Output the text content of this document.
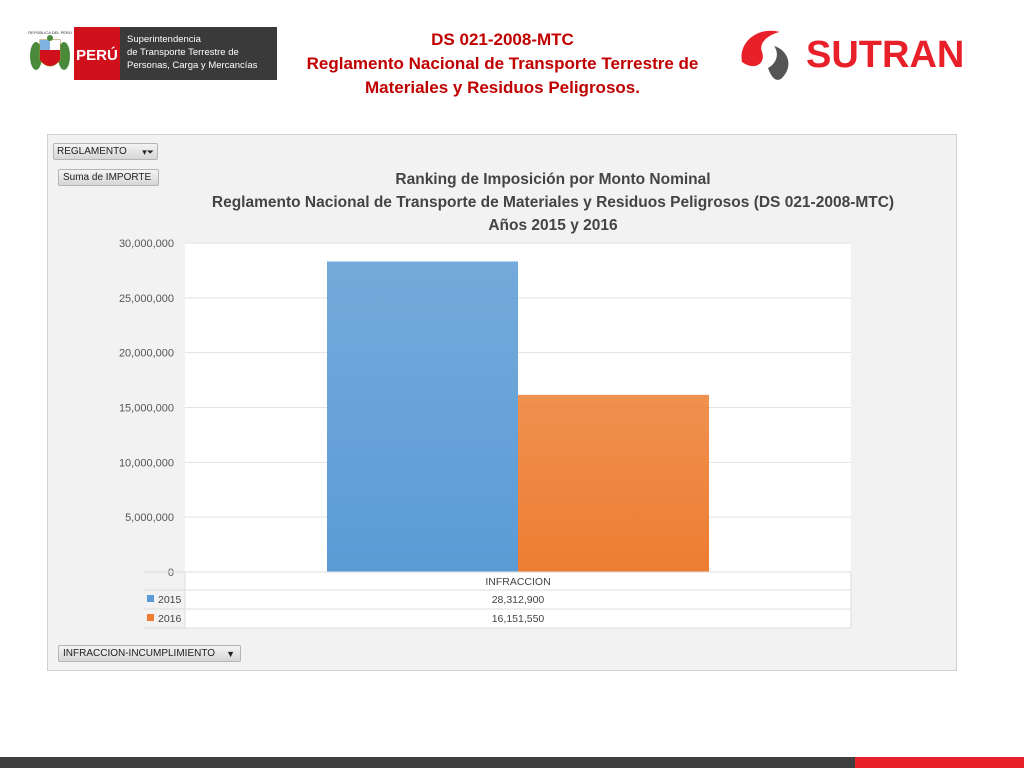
REPÚBLICA DEL PERÚ
PERÚ
Superintendencia
de Transporte Terrestre de
Personas, Carga y Mercancías
DS 021-2008-MTC
Reglamento Nacional de Transporte Terrestre de
Materiales y Residuos Peligrosos.
SUTRAN
REGLAMENTO ▾​⏷
Suma de IMPORTE
INFRACCION-INCUMPLIMIENTO ▼
Ranking de Imposición por Monto Nominal
Reglamento Nacional de Transporte de Materiales y Residuos Peligrosos (DS 021-2008-MTC)
Años 2015 y 2016
0
5,000,000
10,000,000
15,000,000
20,000,000
25,000,000
30,000,000
INFRACCION
2015	28,312,900
2016	16,151,550
